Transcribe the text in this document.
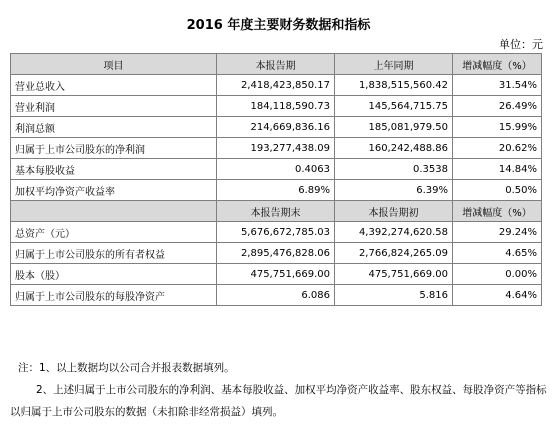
2016 年度主要财务数据和指标
单位：元
项目	本报告期	上年同期	增减幅度（%）
营业总收入	2,418,423,850.17	1,838,515,560.42	31.54%
营业利润	184,118,590.73	145,564,715.75	26.49%
利润总额	214,669,836.16	185,081,979.50	15.99%
归属于上市公司股东的净利润	193,277,438.09	160,242,488.86	20.62%
基本每股收益	0.4063	0.3538	14.84%
加权平均净资产收益率	6.89%	6.39%	0.50%
	本报告期末	本报告期初	增减幅度（%）
总资产（元）	5,676,672,785.03	4,392,274,620.58	29.24%
归属于上市公司股东的所有者权益	2,895,476,828.06	2,766,824,265.09	4.65%
股本（股）	475,751,669.00	475,751,669.00	0.00%
归属于上市公司股东的每股净资产	6.086	5.816	4.64%

注：1、以上数据均以公司合并报表数据填列。

2、上述归属于上市公司股东的净利润、基本每股收益、加权平均净资产收益率、股东权益、每股净资产等指标以归属于上市公司股东的数据（未扣除非经常损益）填列。
